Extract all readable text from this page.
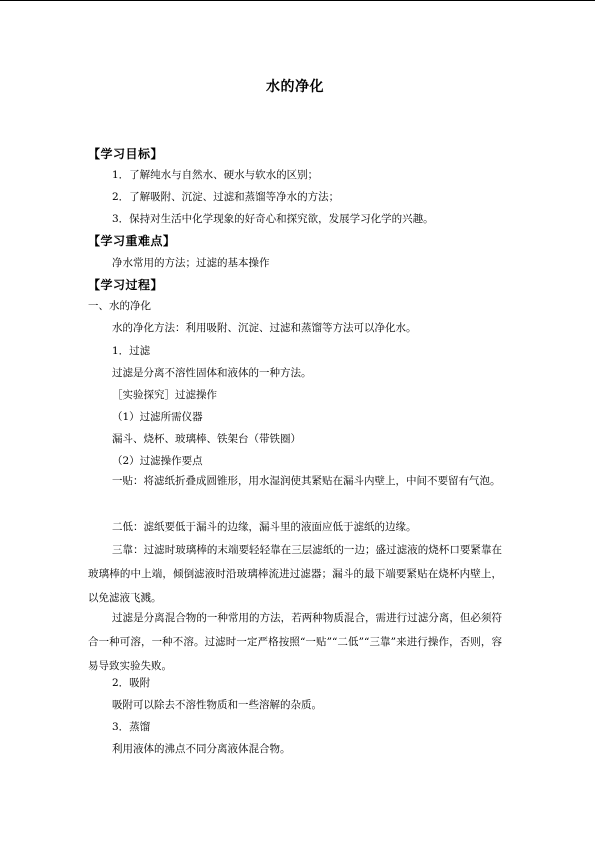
水的净化
【学习目标】
1．了解纯水与自然水、硬水与软水的区别；
2．了解吸附、沉淀、过滤和蒸馏等净水的方法；
3．保持对生活中化学现象的好奇心和探究欲，发展学习化学的兴趣。
【学习重难点】
净水常用的方法；过滤的基本操作
【学习过程】
一、水的净化
水的净化方法：利用吸附、沉淀、过滤和蒸馏等方法可以净化水。
1．过滤
过滤是分离不溶性固体和液体的一种方法。
［实验探究］过滤操作
（1）过滤所需仪器
漏斗、烧杯、玻璃棒、铁架台（带铁圈）
（2）过滤操作要点
一贴：将滤纸折叠成圆锥形，用水湿润使其紧贴在漏斗内壁上，中间不要留有气泡。
二低：滤纸要低于漏斗的边缘，漏斗里的液面应低于滤纸的边缘。
三靠：过滤时玻璃棒的末端要轻轻靠在三层滤纸的一边；盛过滤液的烧杯口要紧靠在玻璃棒的中上端，倾倒滤液时沿玻璃棒流进过滤器；漏斗的最下端要紧贴在烧杯内壁上，以免滤液飞溅。
过滤是分离混合物的一种常用的方法，若两种物质混合，需进行过滤分离，但必须符合一种可溶，一种不溶。过滤时一定严格按照“一贴”“二低”“三靠”来进行操作，否则，容易导致实验失败。
2．吸附
吸附可以除去不溶性物质和一些溶解的杂质。
3．蒸馏
利用液体的沸点不同分离液体混合物。
